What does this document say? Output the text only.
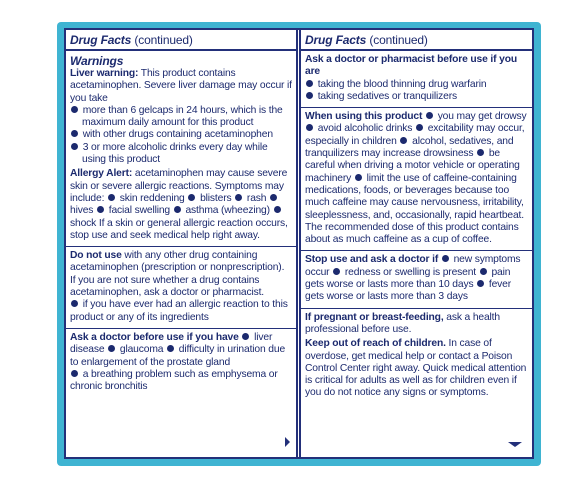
Drug Facts (continued)
Warnings
Liver warning: This product contains acetaminophen. Severe liver damage may occur if you take
more than 6 gelcaps in 24 hours, which is the maximum daily amount for this product
with other drugs containing acetaminophen
3 or more alcoholic drinks every day while using this product
Allergy Alert: acetaminophen may cause severe skin or severe allergic reactions. Symptoms may include: skin reddening blisters rash  hives facial swelling asthma (wheezing)  shock If a skin or general allergic reaction occurs, stop use and seek medical help right away.
Do not use with any other drug containing acetaminophen (prescription or nonprescription). If you are not sure whether a drug contains acetaminophen, ask a doctor or pharmacist.
if you have ever had an allergic reaction to this product or any of its ingredients
Ask a doctor before use if you have liver disease glaucoma difficulty in urination due to enlargement of the prostate gland
a breathing problem such as emphysema or chronic bronchitis
Drug Facts (continued)
Ask a doctor or pharmacist before use if you are
taking the blood thinning drug warfarin
taking sedatives or tranquilizers
When using this product you may get drowsy  avoid alcoholic drinks excitability may occur, especially in children alcohol, sedatives, and tranquilizers may increase drowsiness be careful when driving a motor vehicle or operating machinery limit the use of caffeine-containing medications, foods, or beverages because too much caffeine may cause nervousness, irritability, sleeplessness, and, occasionally, rapid heartbeat. The recommended dose of this product contains about as much caffeine as a cup of coffee.
Stop use and ask a doctor if new symptoms occur redness or swelling is present pain gets worse or lasts more than 10 days fever gets worse or lasts more than 3 days
If pregnant or breast-feeding, ask a health professional before use.
Keep out of reach of children. In case of overdose, get medical help or contact a Poison Control Center right away. Quick medical attention is critical for adults as well as for children even if you do not notice any signs or symptoms.
